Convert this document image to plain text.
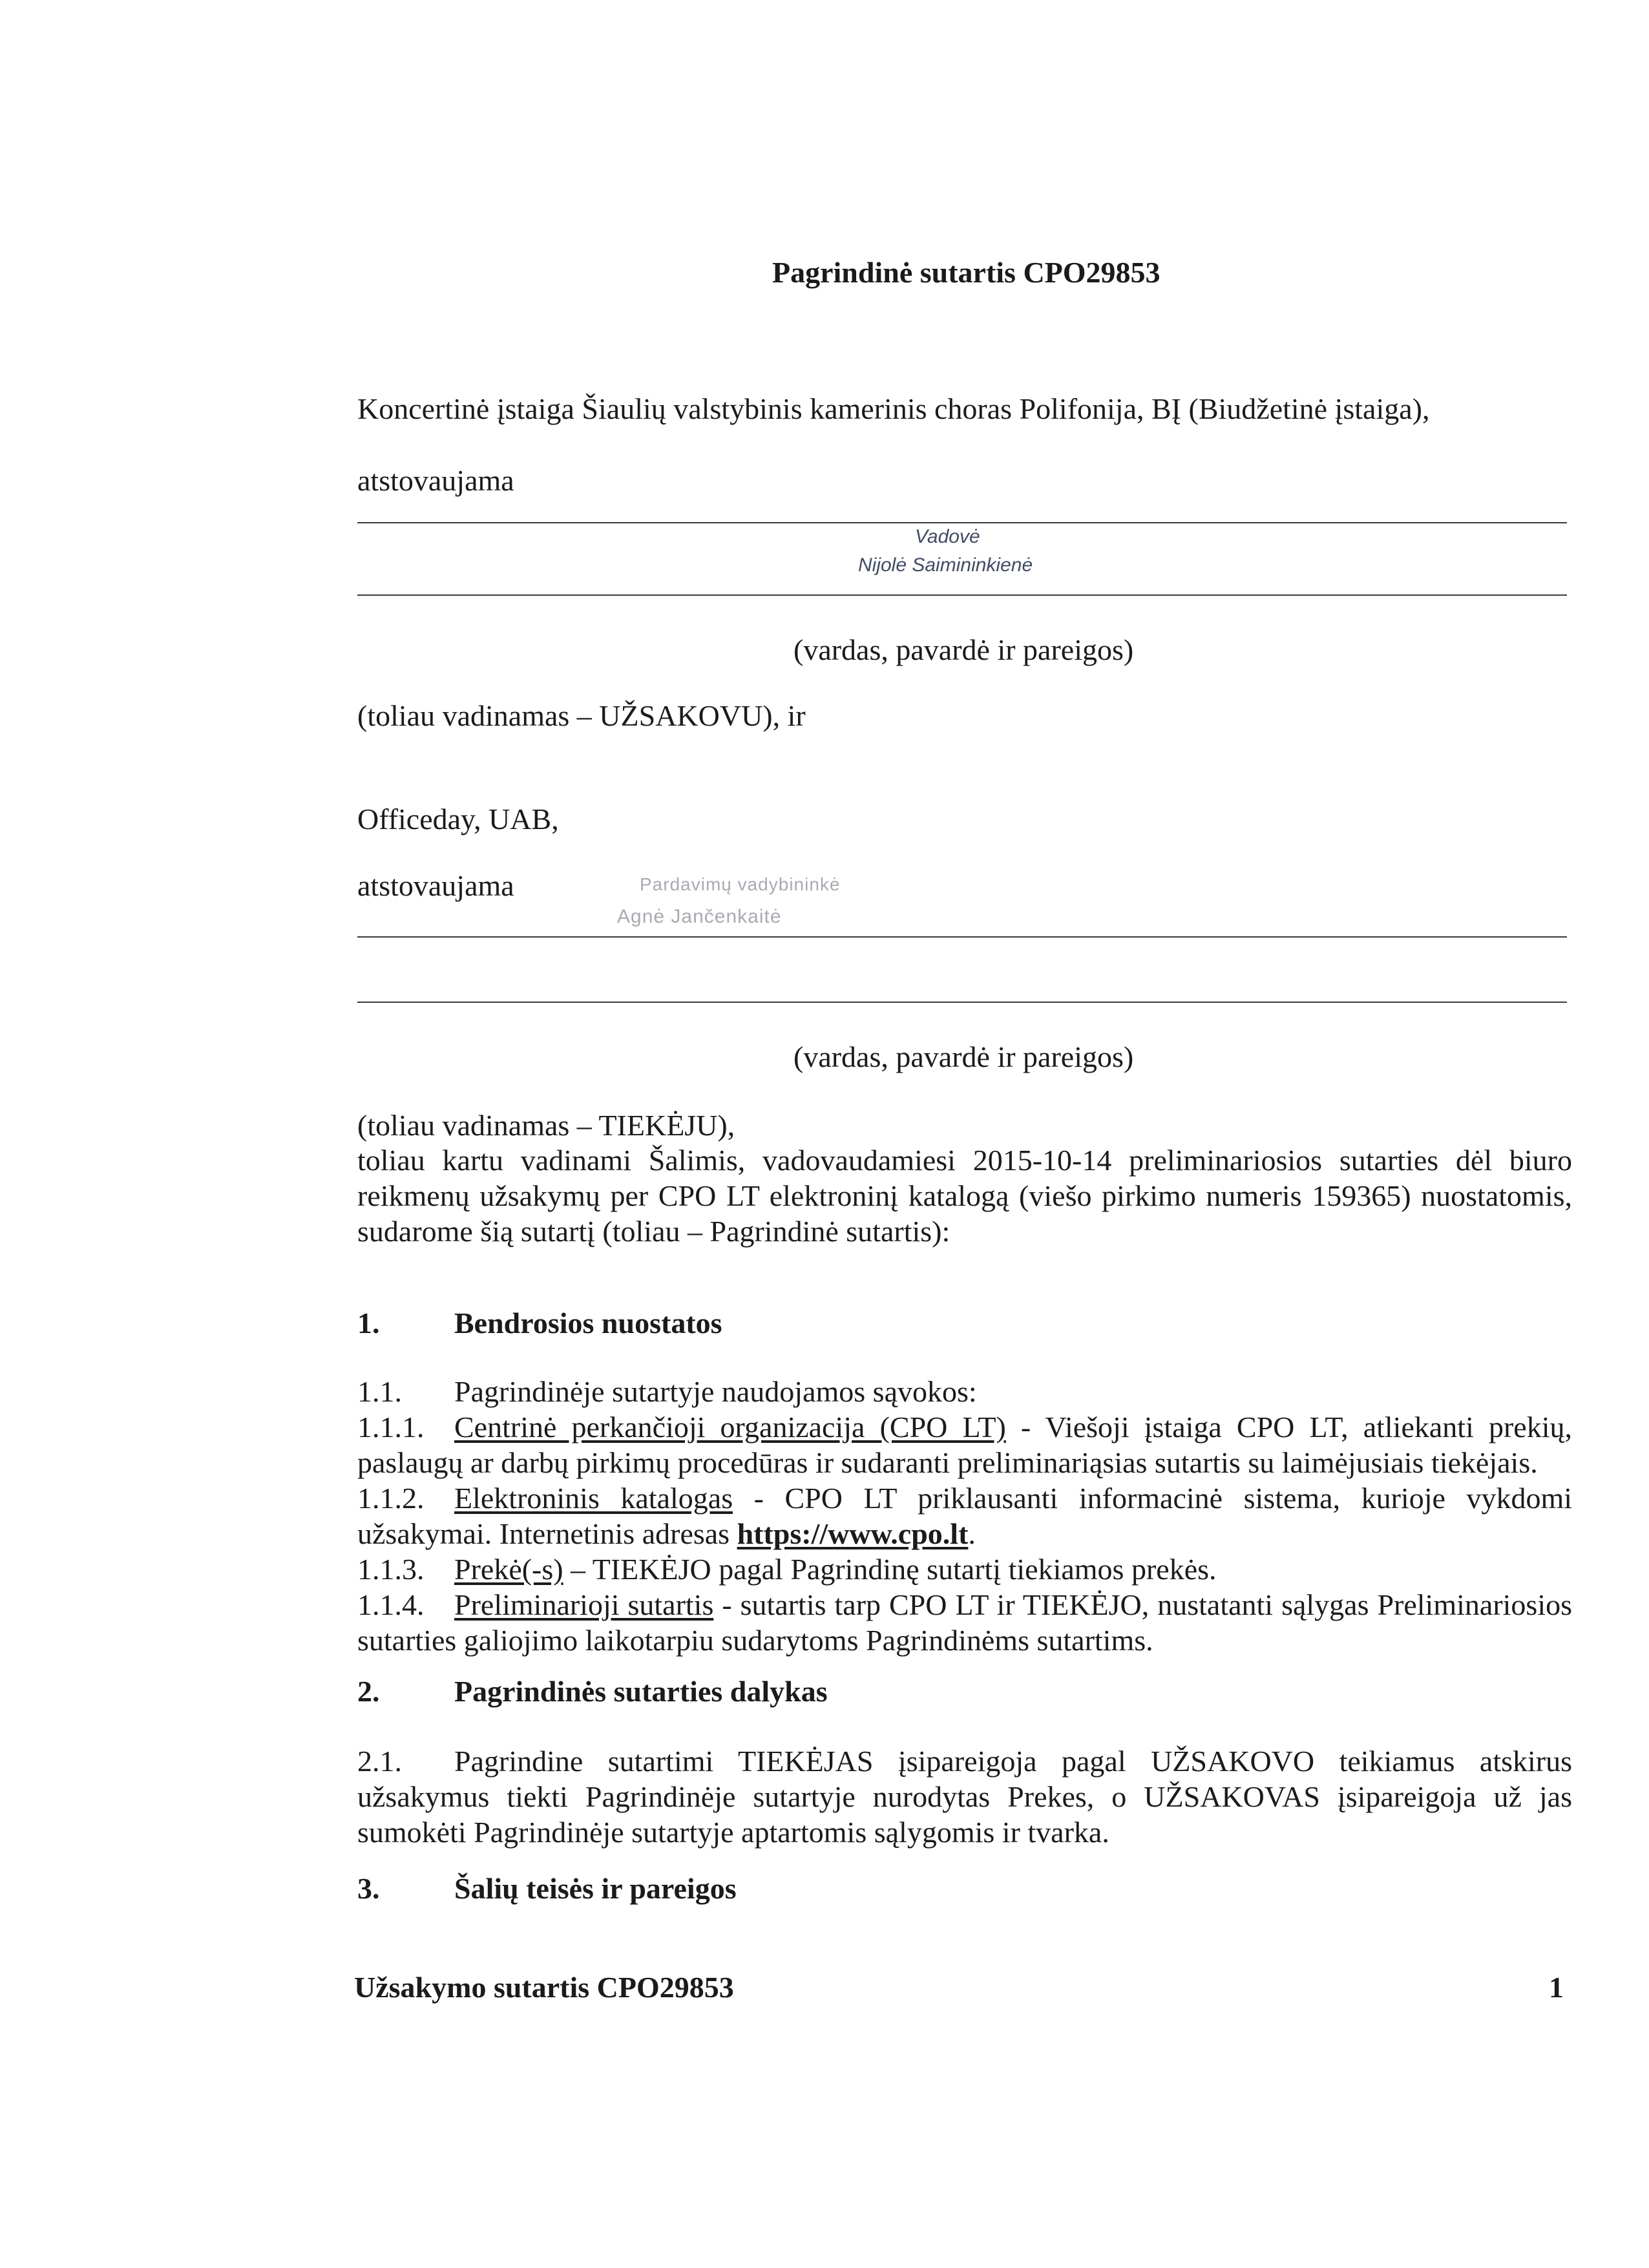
Pagrindinė sutartis CPO29853
Koncertinė įstaiga Šiaulių valstybinis kamerinis choras Polifonija, BĮ (Biudžetinė įstaiga),
atstovaujama
Vadovė
Nijolė Saimininkienė
(vardas, pavardė ir pareigos)
(toliau vadinamas – UŽSAKOVU), ir
Officeday, UAB,
atstovaujama	Pardavimų vadybininkė
Agnė Jančenkaitė
(vardas, pavardė ir pareigos)
(toliau vadinamas – TIEKĖJU),
toliau kartu vadinami Šalimis, vadovaudamiesi 2015-10-14 preliminariosios sutarties dėl biuro reikmenų užsakymų per CPO LT elektroninį katalogą (viešo pirkimo numeris 159365) nuostatomis, sudarome šią sutartį (toliau – Pagrindinė sutartis):
1.	Bendrosios nuostatos
1.1. Pagrindinėje sutartyje naudojamos sąvokos:
1.1.1. Centrinė perkančioji organizacija (CPO LT) - Viešoji įstaiga CPO LT, atliekanti prekių, paslaugų ar darbų pirkimų procedūras ir sudaranti preliminariąsias sutartis su laimėjusiais tiekėjais.
1.1.2. Elektroninis katalogas - CPO LT priklausanti informacinė sistema, kurioje vykdomi užsakymai. Internetinis adresas https://www.cpo.lt.
1.1.3. Prekė(-s) – TIEKĖJO pagal Pagrindinę sutartį tiekiamos prekės.
1.1.4. Preliminarioji sutartis - sutartis tarp CPO LT ir TIEKĖJO, nustatanti sąlygas Preliminariosios sutarties galiojimo laikotarpiu sudarytoms Pagrindinėms sutartims.
2.	Pagrindinės sutarties dalykas
2.1. Pagrindine sutartimi TIEKĖJAS įsipareigoja pagal UŽSAKOVO teikiamus atskirus užsakymus tiekti Pagrindinėje sutartyje nurodytas Prekes, o UŽSAKOVAS įsipareigoja už jas sumokėti Pagrindinėje sutartyje aptartomis sąlygomis ir tvarka.
3.	Šalių teisės ir pareigos
Užsakymo sutartis CPO29853	1
